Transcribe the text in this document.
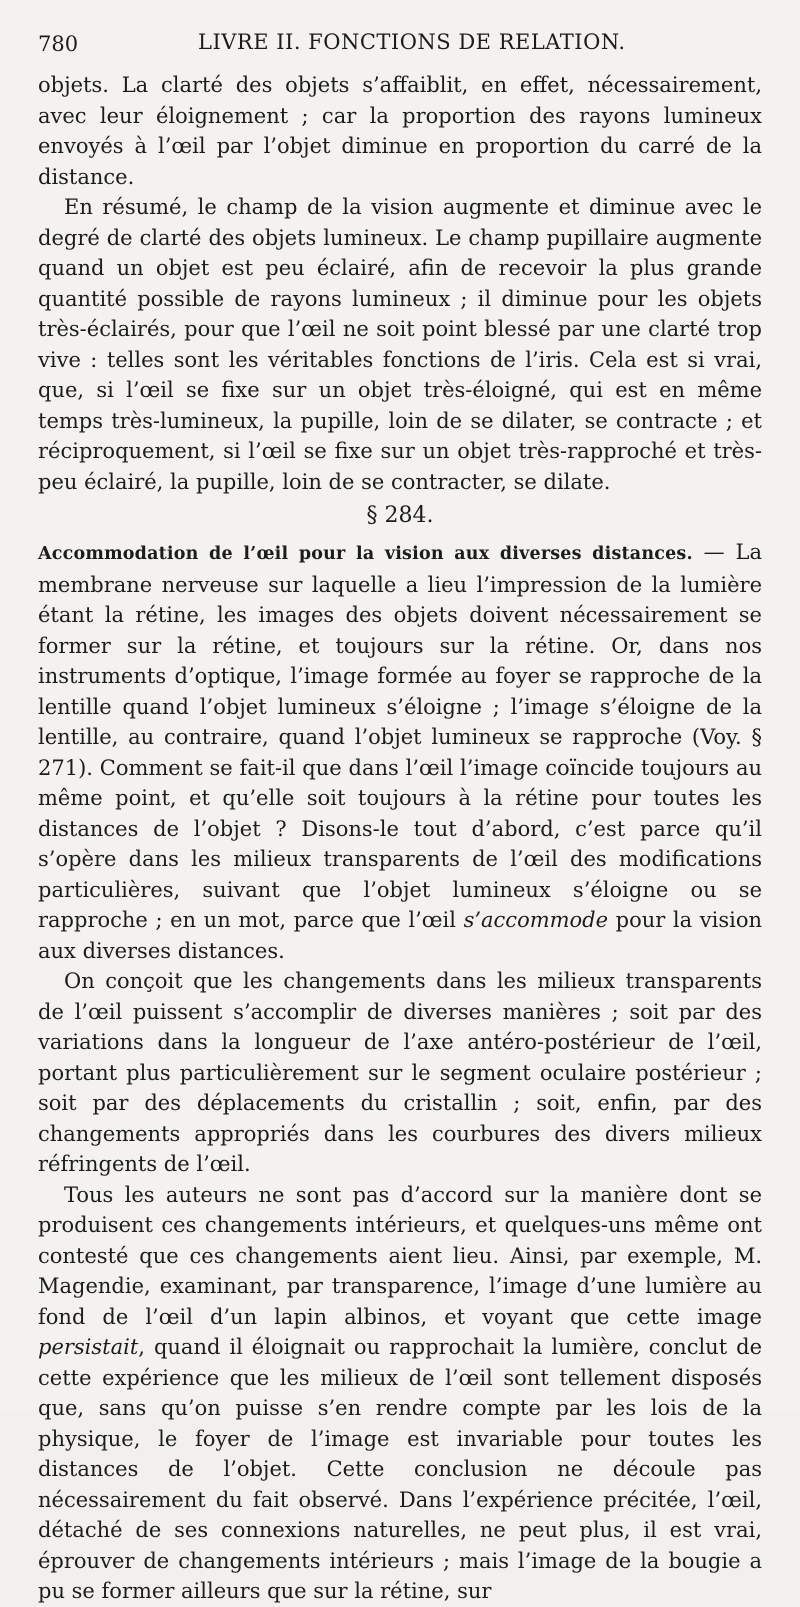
780	LIVRE II. FONCTIONS DE RELATION.

objets. La clarté des objets s’affaiblit, en effet, nécessairement, avec leur éloignement ; car la proportion des rayons lumineux envoyés à l’œil par l’objet diminue en proportion du carré de la distance.

En résumé, le champ de la vision augmente et diminue avec le degré de clarté des objets lumineux. Le champ pupillaire augmente quand un objet est peu éclairé, afin de recevoir la plus grande quantité possible de rayons lumineux ; il diminue pour les objets très-éclairés, pour que l’œil ne soit point blessé par une clarté trop vive : telles sont les véritables fonctions de l’iris. Cela est si vrai, que, si l’œil se fixe sur un objet très-éloigné, qui est en même temps très-lumineux, la pupille, loin de se dilater, se contracte ; et réciproquement, si l’œil se fixe sur un objet très-rapproché et très-peu éclairé, la pupille, loin de se contracter, se dilate.

§ 284.

Accommodation de l’œil pour la vision aux diverses distances. — La membrane nerveuse sur laquelle a lieu l’impression de la lumière étant la rétine, les images des objets doivent nécessairement se former sur la rétine, et toujours sur la rétine. Or, dans nos instruments d’optique, l’image formée au foyer se rapproche de la lentille quand l’objet lumineux s’éloigne ; l’image s’éloigne de la lentille, au contraire, quand l’objet lumineux se rapproche (Voy. § 271). Comment se fait-il que dans l’œil l’image coïncide toujours au même point, et qu’elle soit toujours à la rétine pour toutes les distances de l’objet ? Disons-le tout d’abord, c’est parce qu’il s’opère dans les milieux transparents de l’œil des modifications particulières, suivant que l’objet lumineux s’éloigne ou se rapproche ; en un mot, parce que l’œil s’accommode pour la vision aux diverses distances.

On conçoit que les changements dans les milieux transparents de l’œil puissent s’accomplir de diverses manières ; soit par des variations dans la longueur de l’axe antéro-postérieur de l’œil, portant plus particulièrement sur le segment oculaire postérieur ; soit par des déplacements du cristallin ; soit, enfin, par des changements appropriés dans les courbures des divers milieux réfringents de l’œil.

Tous les auteurs ne sont pas d’accord sur la manière dont se produisent ces changements intérieurs, et quelques-uns même ont contesté que ces changements aient lieu. Ainsi, par exemple, M. Magendie, examinant, par transparence, l’image d’une lumière au fond de l’œil d’un lapin albinos, et voyant que cette image persistait, quand il éloignait ou rapprochait la lumière, conclut de cette expérience que les milieux de l’œil sont tellement disposés que, sans qu’on puisse s’en rendre compte par les lois de la physique, le foyer de l’image est invariable pour toutes les distances de l’objet. Cette conclusion ne découle pas nécessairement du fait observé. Dans l’expérience précitée, l’œil, détaché de ses connexions naturelles, ne peut plus, il est vrai, éprouver de changements intérieurs ; mais l’image de la bougie a pu se former ailleurs que sur la rétine, sur
